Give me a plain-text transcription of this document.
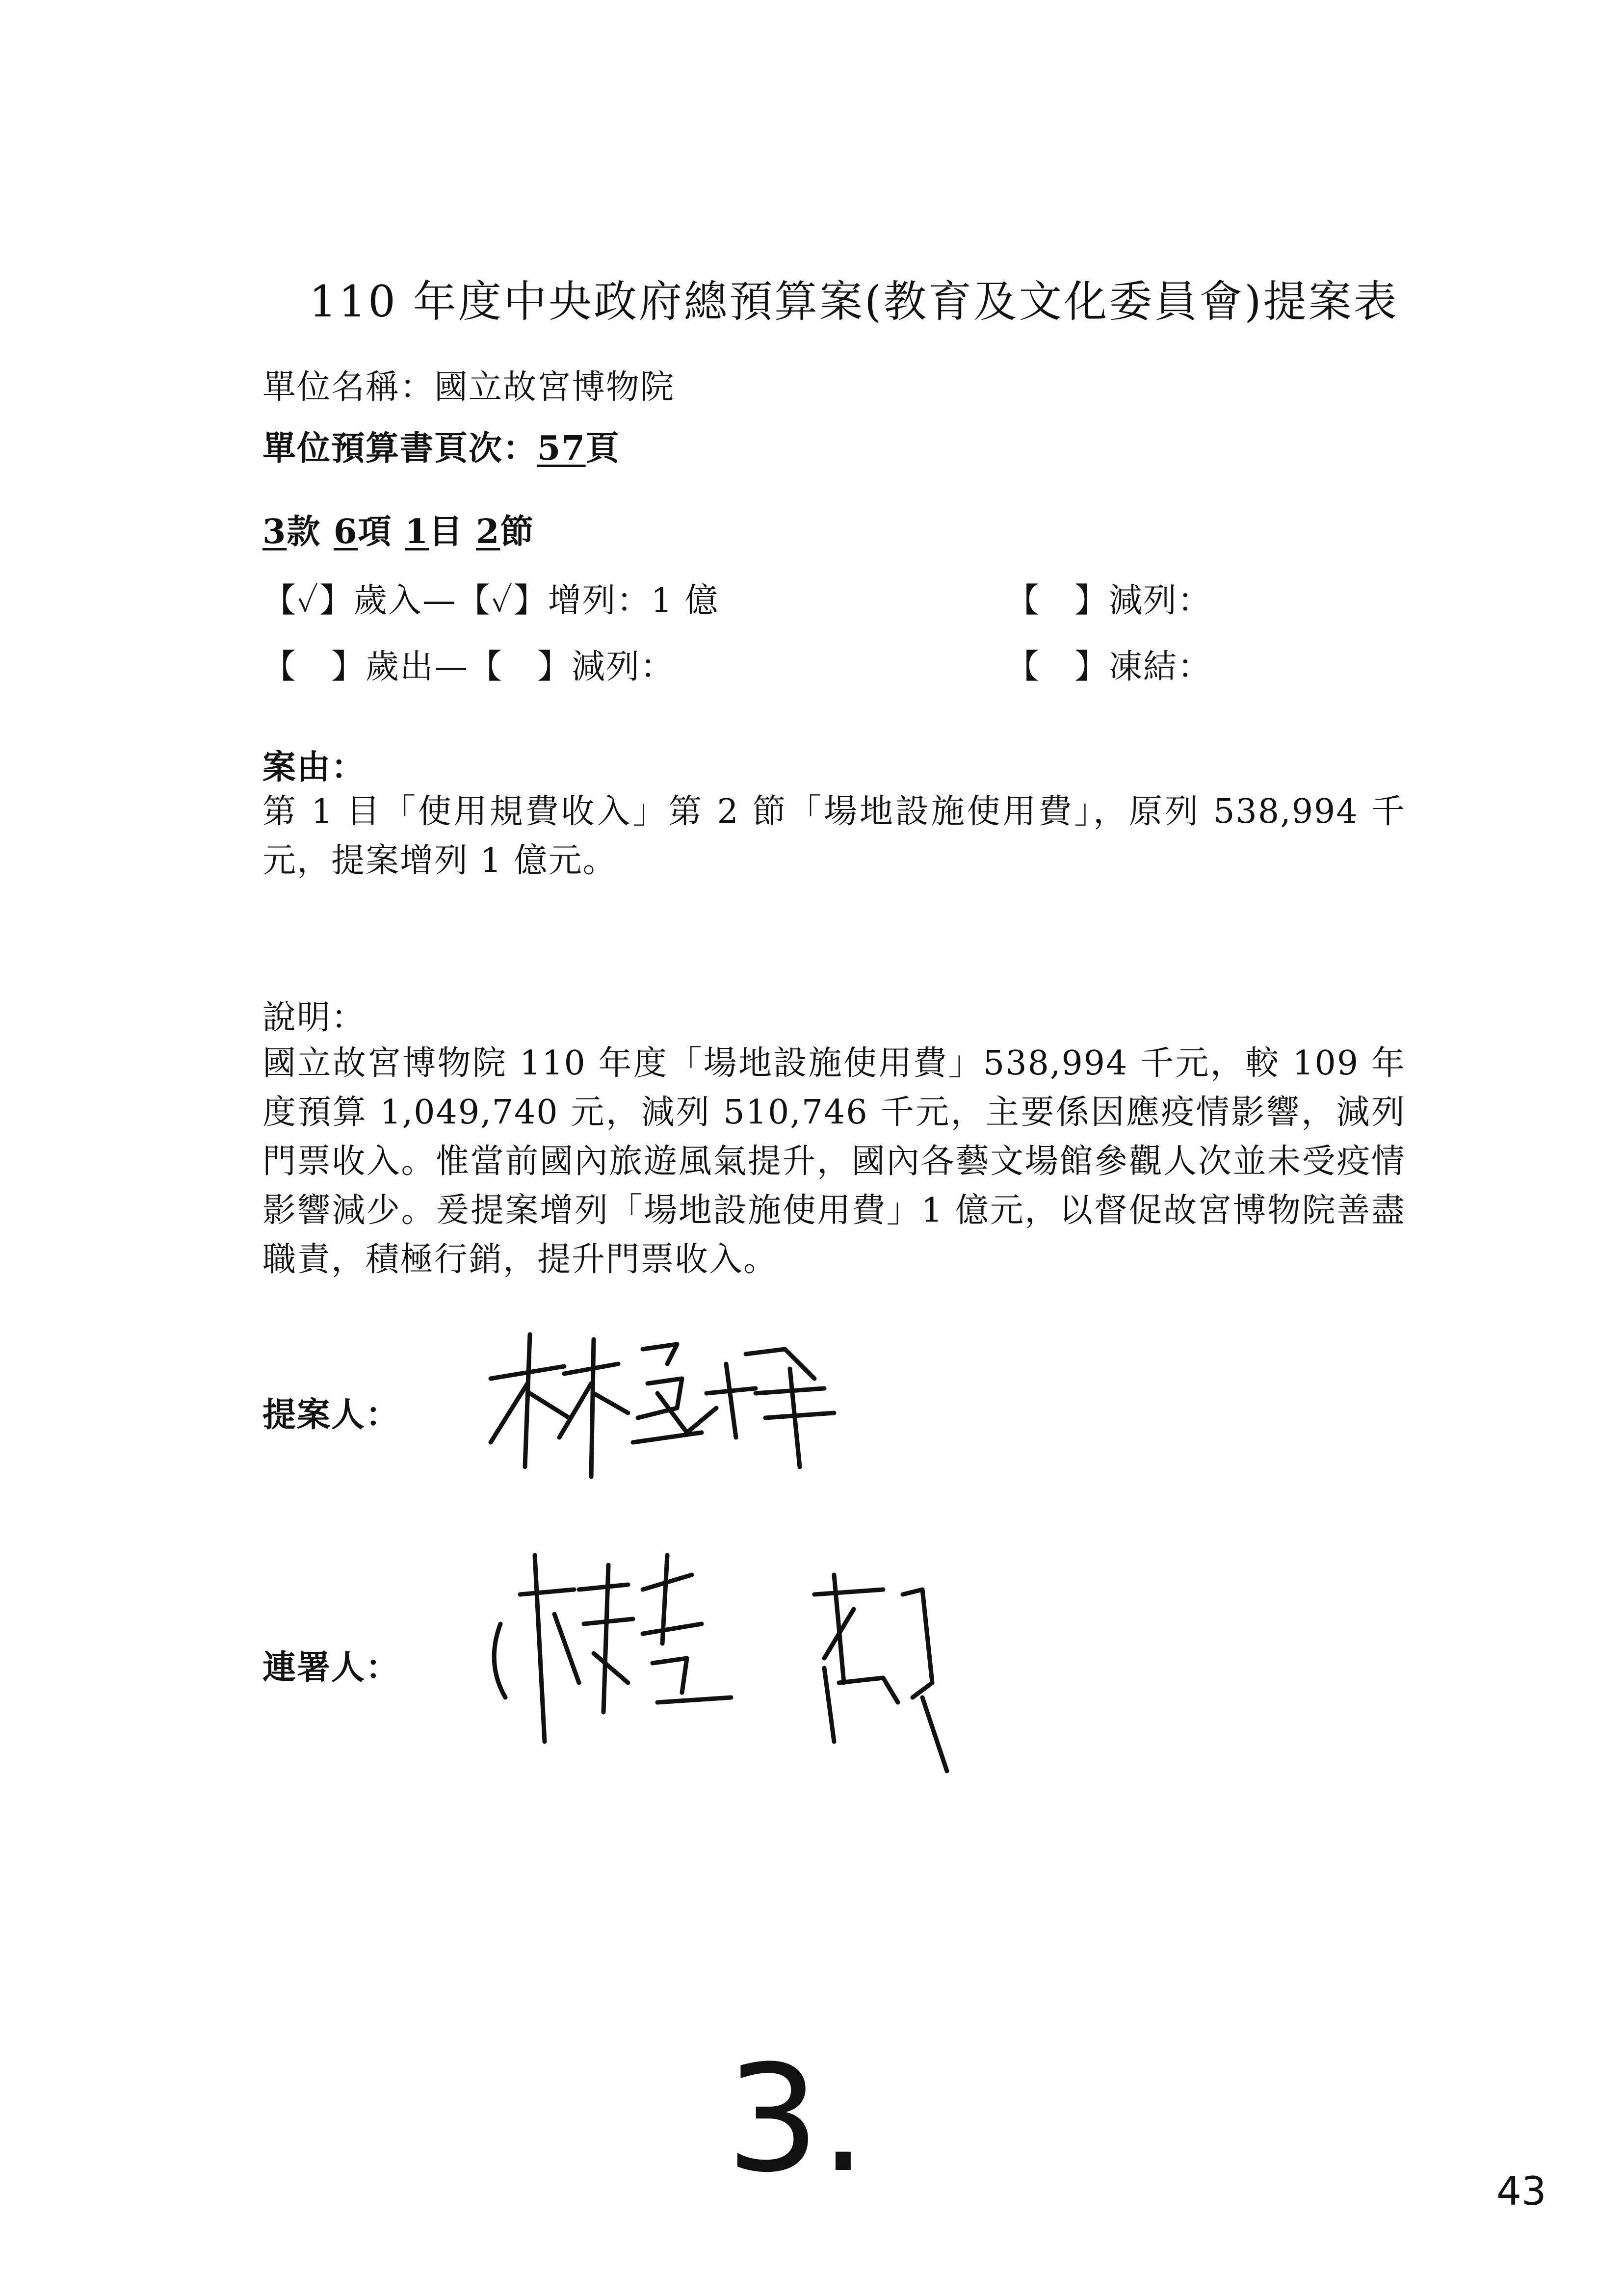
110 年度中央政府總預算案(教育及文化委員會)提案表
單位名稱：國立故宮博物院
單位預算書頁次：57頁
3款 6項 1目 2節
【✓】歲入—【✓】增列：1 億	【　】減列：
【　】歲出—【　】減列：	【　】凍結：
案由：
第 1 目「使用規費收入」第 2 節「場地設施使用費」，原列 538,994 千元，提案增列 1 億元。
說明：
國立故宮博物院 110 年度「場地設施使用費」538,994 千元，較 109 年度預算 1,049,740 元，減列 510,746 千元，主要係因應疫情影響，減列門票收入。惟當前國內旅遊風氣提升，國內各藝文場館參觀人次並未受疫情影響減少。爰提案增列「場地設施使用費」1 億元，以督促故宮博物院善盡職責，積極行銷，提升門票收入。
提案人：
連署人：
3.	43
